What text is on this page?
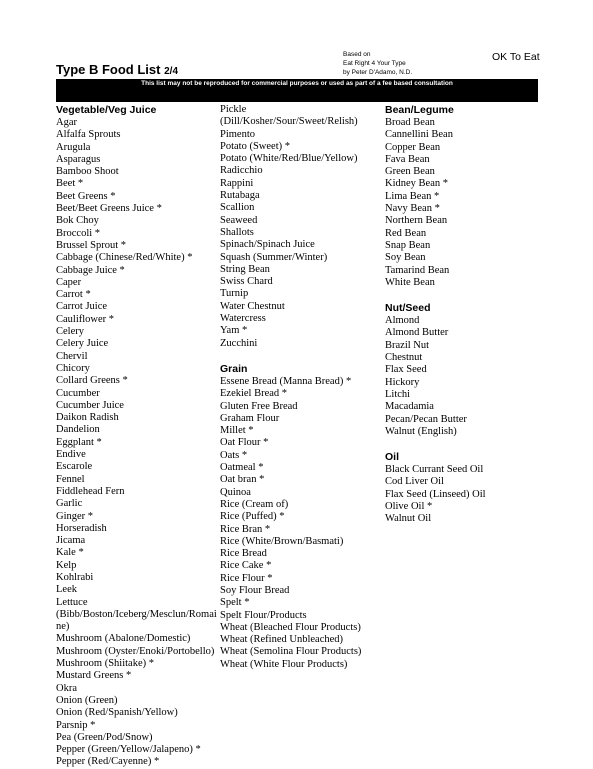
Type B Food List 2/4
Based on
Eat Right 4 Your Type
by Peter D'Adamo, N.D.
OK To Eat
This list may not be reproduced for commercial purposes or used as part of a fee based consultation
Vegetable/Veg Juice
Agar
Alfalfa Sprouts
Arugula
Asparagus
Bamboo Shoot
Beet *
Beet Greens *
Beet/Beet Greens Juice *
Bok Choy
Broccoli *
Brussel Sprout *
Cabbage (Chinese/Red/White) *
Cabbage Juice *
Caper
Carrot *
Carrot Juice
Cauliflower *
Celery
Celery Juice
Chervil
Chicory
Collard Greens *
Cucumber
Cucumber Juice
Daikon Radish
Dandelion
Eggplant *
Endive
Escarole
Fennel
Fiddlehead Fern
Garlic
Ginger *
Horseradish
Jicama
Kale *
Kelp
Kohlrabi
Leek
Lettuce
(Bibb/Boston/Iceberg/Mesclun/Romaine)
Mushroom (Abalone/Domestic)
Mushroom (Oyster/Enoki/Portobello)
Mushroom (Shiitake) *
Mustard Greens *
Okra
Onion (Green)
Onion (Red/Spanish/Yellow)
Parsnip *
Pea (Green/Pod/Snow)
Pepper (Green/Yellow/Jalapeno) *
Pepper (Red/Cayenne) *
Pickle
(Dill/Kosher/Sour/Sweet/Relish)
Pimento
Potato (Sweet) *
Potato (White/Red/Blue/Yellow)
Radicchio
Rappini
Rutabaga
Scallion
Seaweed
Shallots
Spinach/Spinach Juice
Squash (Summer/Winter)
String Bean
Swiss Chard
Turnip
Water Chestnut
Watercress
Yam *
Zucchini
Grain
Essene Bread (Manna Bread) *
Ezekiel Bread *
Gluten Free Bread
Graham Flour
Millet *
Oat Flour *
Oats *
Oatmeal *
Oat bran *
Quinoa
Rice (Cream of)
Rice (Puffed) *
Rice Bran *
Rice (White/Brown/Basmati)
Rice Bread
Rice Cake *
Rice Flour *
Soy Flour Bread
Spelt *
Spelt Flour/Products
Wheat (Bleached Flour Products)
Wheat (Refined Unbleached)
Wheat (Semolina Flour Products)
Wheat (White Flour Products)
Bean/Legume
Broad Bean
Cannellini Bean
Copper Bean
Fava Bean
Green Bean
Kidney Bean *
Lima Bean *
Navy Bean *
Northern Bean
Red Bean
Snap Bean
Soy Bean
Tamarind Bean
White Bean
Nut/Seed
Almond
Almond Butter
Brazil Nut
Chestnut
Flax Seed
Hickory
Litchi
Macadamia
Pecan/Pecan Butter
Walnut (English)
Oil
Black Currant Seed Oil
Cod Liver Oil
Flax Seed (Linseed) Oil
Olive Oil *
Walnut Oil
